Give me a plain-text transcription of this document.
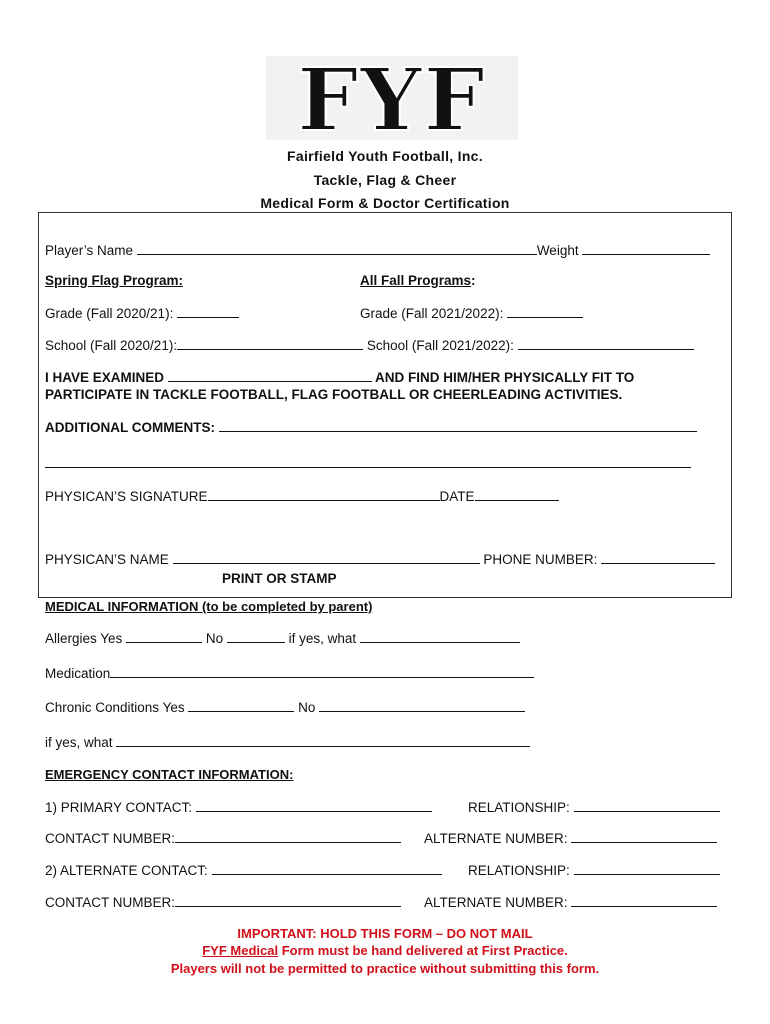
FYF
Fairfield Youth Football, Inc.
Tackle, Flag & Cheer
Medical Form & Doctor Certification
Player’s Name	Weight
Spring Flag Program:	All Fall Programs:
Grade (Fall 2020/21):	Grade (Fall 2021/2022):
School (Fall 2020/21):	School (Fall 2021/2022):
I HAVE EXAMINED	AND FIND HIM/HER PHYSICALLY FIT TO
PARTICIPATE IN TACKLE FOOTBALL, FLAG FOOTBALL OR CHEERLEADING ACTIVITIES.
ADDITIONAL COMMENTS:
PHYSICAN’S SIGNATURE	DATE
PHYSICAN’S NAME	PHONE NUMBER:
PRINT OR STAMP
MEDICAL INFORMATION (to be completed by parent)
Allergies Yes	No	if yes, what
Medication
Chronic Conditions Yes	No
if yes, what
EMERGENCY CONTACT INFORMATION:
1) PRIMARY CONTACT:	RELATIONSHIP:
CONTACT NUMBER:	ALTERNATE NUMBER:
2) ALTERNATE CONTACT:	RELATIONSHIP:
CONTACT NUMBER:	ALTERNATE NUMBER:
IMPORTANT: HOLD THIS FORM – DO NOT MAIL
FYF Medical Form must be hand delivered at First Practice.
Players will not be permitted to practice without submitting this form.
